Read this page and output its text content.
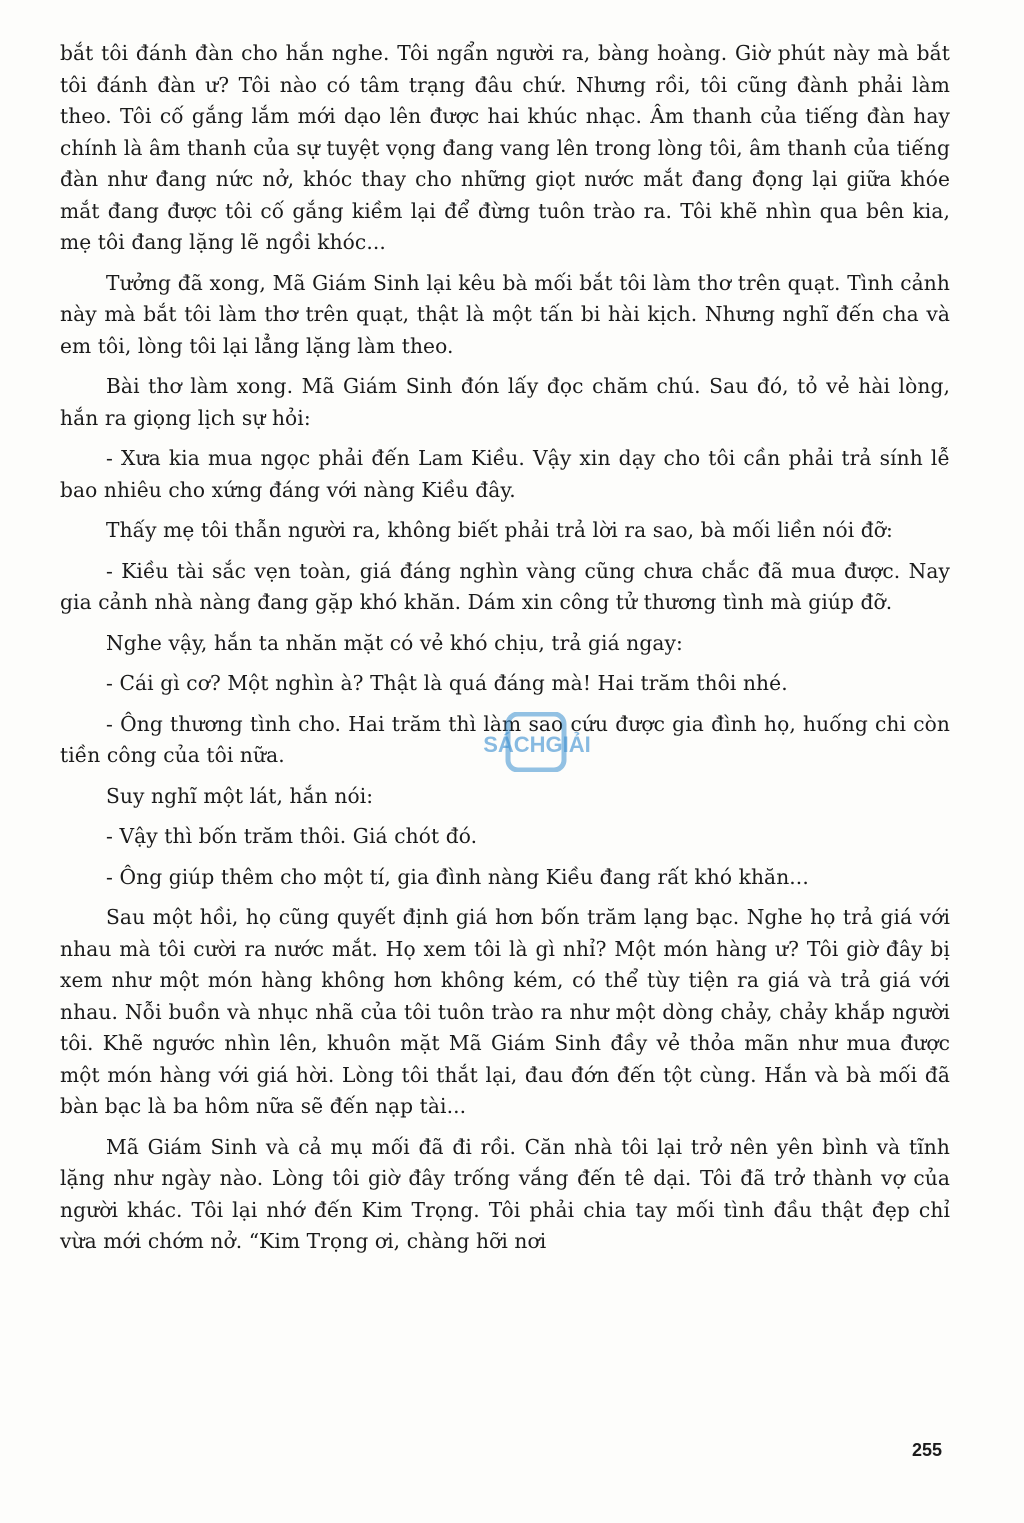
bắt tôi đánh đàn cho hắn nghe. Tôi ngẩn người ra, bàng hoàng. Giờ phút này mà bắt tôi đánh đàn ư? Tôi nào có tâm trạng đâu chứ. Nhưng rồi, tôi cũng đành phải làm theo. Tôi cố gắng lắm mới dạo lên được hai khúc nhạc. Âm thanh của tiếng đàn hay chính là âm thanh của sự tuyệt vọng đang vang lên trong lòng tôi, âm thanh của tiếng đàn như đang nức nở, khóc thay cho những giọt nước mắt đang đọng lại giữa khóe mắt đang được tôi cố gắng kiềm lại để đừng tuôn trào ra. Tôi khẽ nhìn qua bên kia, mẹ tôi đang lặng lẽ ngồi khóc...

Tưởng đã xong, Mã Giám Sinh lại kêu bà mối bắt tôi làm thơ trên quạt. Tình cảnh này mà bắt tôi làm thơ trên quạt, thật là một tấn bi hài kịch. Nhưng nghĩ đến cha và em tôi, lòng tôi lại lẳng lặng làm theo.

Bài thơ làm xong. Mã Giám Sinh đón lấy đọc chăm chú. Sau đó, tỏ vẻ hài lòng, hắn ra giọng lịch sự hỏi:

- Xưa kia mua ngọc phải đến Lam Kiều. Vậy xin dạy cho tôi cần phải trả sính lễ bao nhiêu cho xứng đáng với nàng Kiều đây.

Thấy mẹ tôi thẫn người ra, không biết phải trả lời ra sao, bà mối liền nói đỡ:

- Kiều tài sắc vẹn toàn, giá đáng nghìn vàng cũng chưa chắc đã mua được. Nay gia cảnh nhà nàng đang gặp khó khăn. Dám xin công tử thương tình mà giúp đỡ.

Nghe vậy, hắn ta nhăn mặt có vẻ khó chịu, trả giá ngay:

- Cái gì cơ? Một nghìn à? Thật là quá đáng mà! Hai trăm thôi nhé.

- Ông thương tình cho. Hai trăm thì làm sao cứu được gia đình họ, huống chi còn tiền công của tôi nữa.

Suy nghĩ một lát, hắn nói:

- Vậy thì bốn trăm thôi. Giá chót đó.

- Ông giúp thêm cho một tí, gia đình nàng Kiều đang rất khó khăn...

Sau một hồi, họ cũng quyết định giá hơn bốn trăm lạng bạc. Nghe họ trả giá với nhau mà tôi cười ra nước mắt. Họ xem tôi là gì nhỉ? Một món hàng ư? Tôi giờ đây bị xem như một món hàng không hơn không kém, có thể tùy tiện ra giá và trả giá với nhau. Nỗi buồn và nhục nhã của tôi tuôn trào ra như một dòng chảy, chảy khắp người tôi. Khẽ ngước nhìn lên, khuôn mặt Mã Giám Sinh đầy vẻ thỏa mãn như mua được một món hàng với giá hời. Lòng tôi thắt lại, đau đớn đến tột cùng. Hắn và bà mối đã bàn bạc là ba hôm nữa sẽ đến nạp tài...

Mã Giám Sinh và cả mụ mối đã đi rồi. Căn nhà tôi lại trở nên yên bình và tĩnh lặng như ngày nào. Lòng tôi giờ đây trống vắng đến tê dại. Tôi đã trở thành vợ của người khác. Tôi lại nhớ đến Kim Trọng. Tôi phải chia tay mối tình đầu thật đẹp chỉ vừa mới chớm nở. “Kim Trọng ơi, chàng hỡi nơi

SÁCHGIẢI
255
